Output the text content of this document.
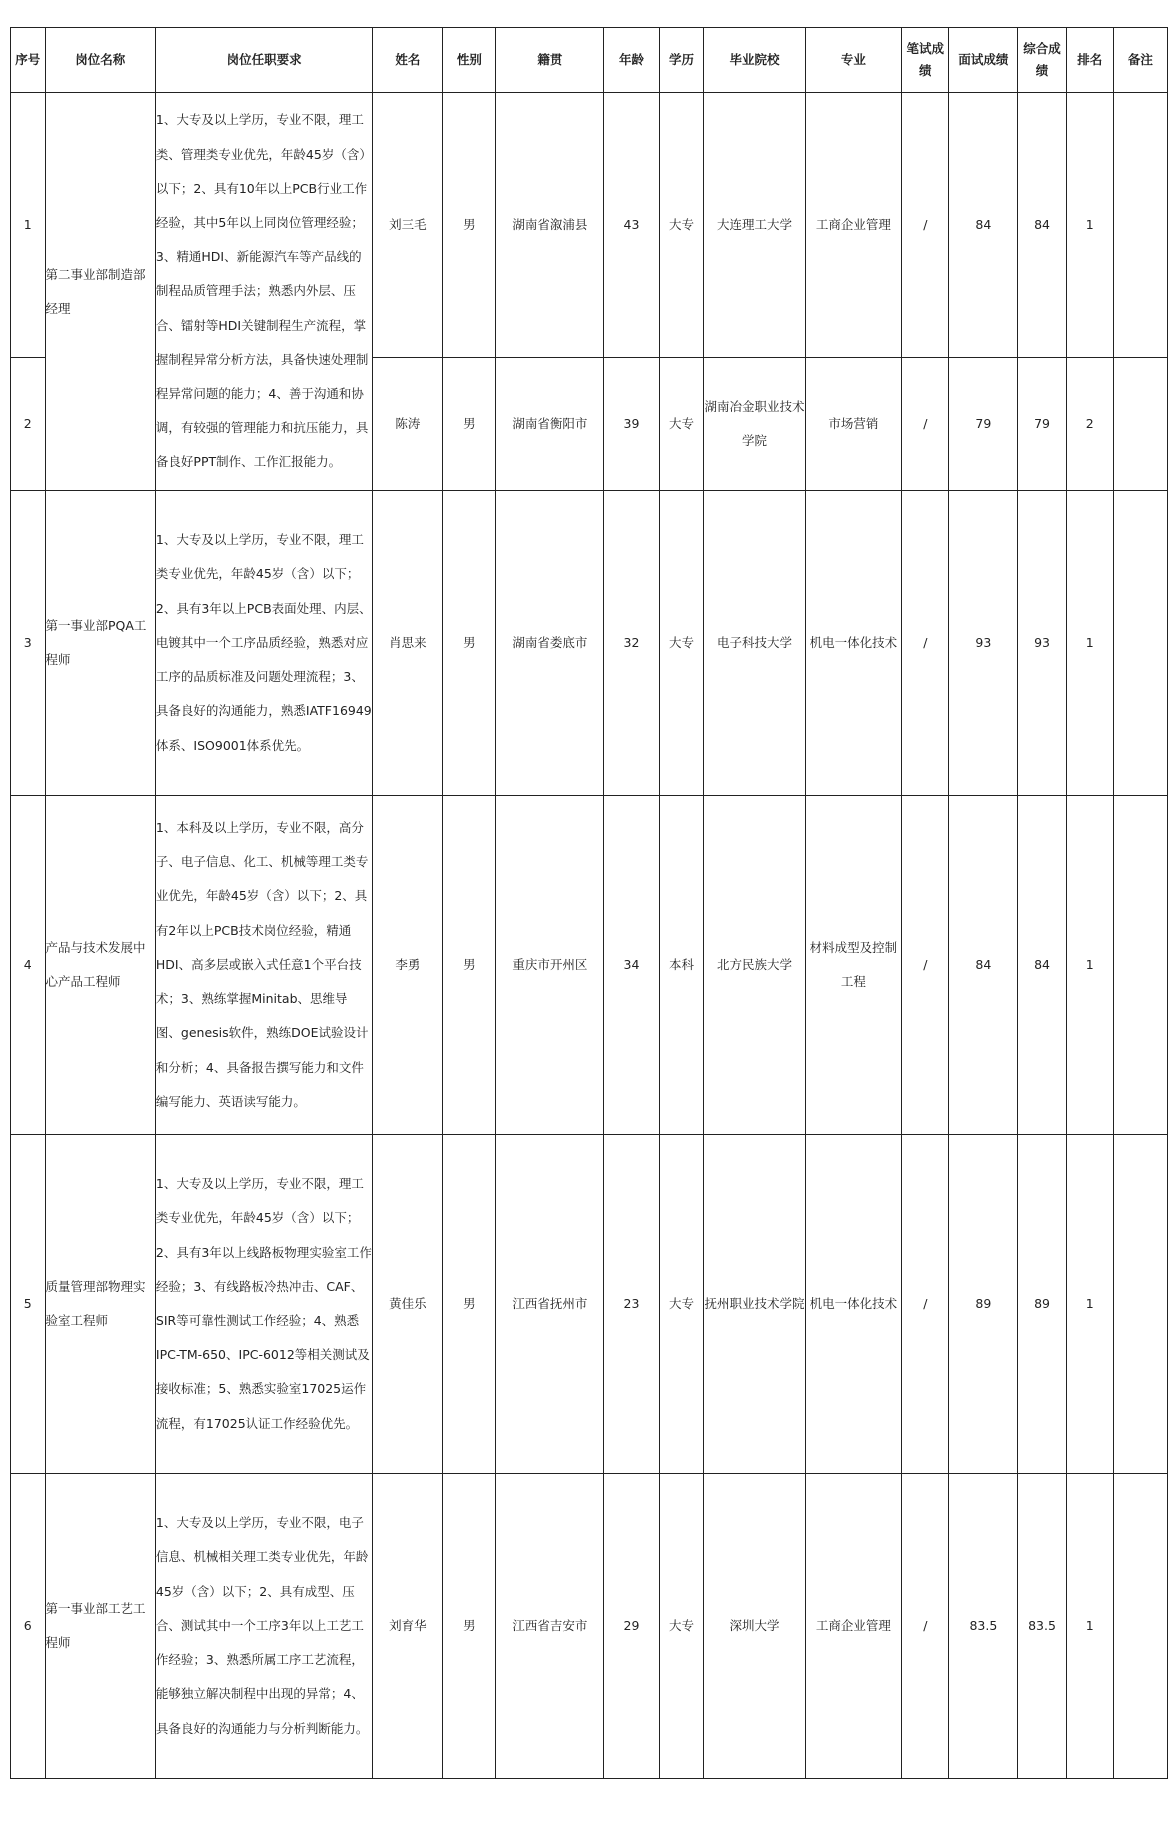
序号	岗位名称	岗位任职要求	姓名	性别	籍贯	年龄	学历	毕业院校	专业	笔试成绩	面试成绩	综合成绩	排名	备注
1	第二事业部制造部经理	1、大专及以上学历，专业不限，理工类、管理类专业优先，年龄45岁（含）以下；2、具有10年以上PCB行业工作经验，其中5年以上同岗位管理经验；3、精通HDI、新能源汽车等产品线的制程品质管理手法；熟悉内外层、压合、镭射等HDI关键制程生产流程，掌握制程异常分析方法，具备快速处理制程异常问题的能力；4、善于沟通和协调，有较强的管理能力和抗压能力，具备良好PPT制作、工作汇报能力。	刘三毛	男	湖南省溆浦县	43	大专	大连理工大学	工商企业管理	/	84	84	1	
2			陈涛	男	湖南省衡阳市	39	大专	湖南冶金职业技术学院	市场营销	/	79	79	2	
3	第一事业部PQA工程师	1、大专及以上学历，专业不限，理工类专业优先，年龄45岁（含）以下；2、具有3年以上PCB表面处理、内层、电镀其中一个工序品质经验，熟悉对应工序的品质标准及问题处理流程；3、具备良好的沟通能力，熟悉IATF16949体系、ISO9001体系优先。	肖思来	男	湖南省娄底市	32	大专	电子科技大学	机电一体化技术	/	93	93	1	
4	产品与技术发展中心产品工程师	1、本科及以上学历，专业不限，高分子、电子信息、化工、机械等理工类专业优先，年龄45岁（含）以下；2、具有2年以上PCB技术岗位经验，精通HDI、高多层或嵌入式任意1个平台技术；3、熟练掌握Minitab、思维导图、genesis软件，熟练DOE试验设计和分析；4、具备报告撰写能力和文件编写能力、英语读写能力。	李勇	男	重庆市开州区	34	本科	北方民族大学	材料成型及控制工程	/	84	84	1	
5	质量管理部物理实验室工程师	1、大专及以上学历，专业不限，理工类专业优先，年龄45岁（含）以下；2、具有3年以上线路板物理实验室工作经验；3、有线路板冷热冲击、CAF、SIR等可靠性测试工作经验；4、熟悉IPC-TM-650、IPC-6012等相关测试及接收标准；5、熟悉实验室17025运作流程，有17025认证工作经验优先。	黄佳乐	男	江西省抚州市	23	大专	抚州职业技术学院	机电一体化技术	/	89	89	1	
6	第一事业部工艺工程师	1、大专及以上学历，专业不限，电子信息、机械相关理工类专业优先，年龄45岁（含）以下；2、具有成型、压合、测试其中一个工序3年以上工艺工作经验；3、熟悉所属工序工艺流程，能够独立解决制程中出现的异常；4、具备良好的沟通能力与分析判断能力。	刘育华	男	江西省吉安市	29	大专	深圳大学	工商企业管理	/	83.5	83.5	1	
